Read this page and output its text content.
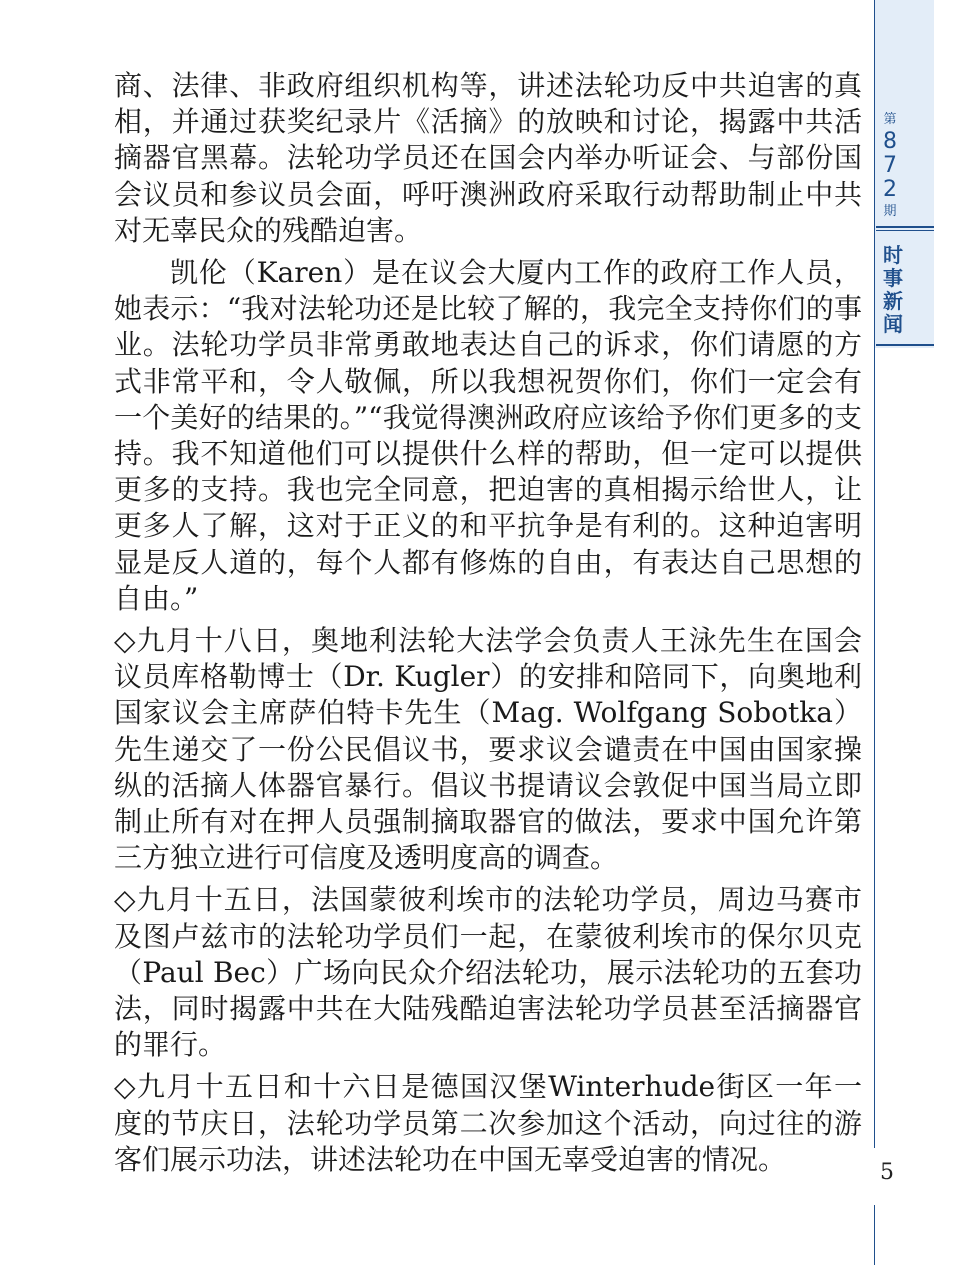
商、法律、非政府组织机构等，讲述法轮功反中共迫害的真相，并通过获奖纪录片《活摘》的放映和讨论，揭露中共活摘器官黑幕。法轮功学员还在国会内举办听证会、与部份国会议员和参议员会面，呼吁澳洲政府采取行动帮助制止中共对无辜民众的残酷迫害。

凯伦（Karen）是在议会大厦内工作的政府工作人员，她表示：“我对法轮功还是比较了解的，我完全支持你们的事业。法轮功学员非常勇敢地表达自己的诉求，你们请愿的方式非常平和，令人敬佩，所以我想祝贺你们，你们一定会有一个美好的结果的。”“我觉得澳洲政府应该给予你们更多的支持。我不知道他们可以提供什么样的帮助，但一定可以提供更多的支持。我也完全同意，把迫害的真相揭示给世人，让更多人了解，这对于正义的和平抗争是有利的。这种迫害明显是反人道的，每个人都有修炼的自由，有表达自己思想的自由。”

◇九月十八日，奥地利法轮大法学会负责人王泳先生在国会议员库格勒博士（Dr. Kugler）的安排和陪同下，向奥地利国家议会主席萨伯特卡先生（Mag. Wolfgang Sobotka）先生递交了一份公民倡议书，要求议会谴责在中国由国家操纵的活摘人体器官暴行。倡议书提请议会敦促中国当局立即制止所有对在押人员强制摘取器官的做法，要求中国允许第三方独立进行可信度及透明度高的调查。

◇九月十五日，法国蒙彼利埃市的法轮功学员，周边马赛市及图卢兹市的法轮功学员们一起，在蒙彼利埃市的保尔贝克（Paul Bec）广场向民众介绍法轮功，展示法轮功的五套功法，同时揭露中共在大陆残酷迫害法轮功学员甚至活摘器官的罪行。

◇九月十五日和十六日是德国汉堡Winterhude街区一年一度的节庆日，法轮功学员第二次参加这个活动，向过往的游客们展示功法，讲述法轮功在中国无辜受迫害的情况。

第
8
7
2
期
时
事
新
闻
5
